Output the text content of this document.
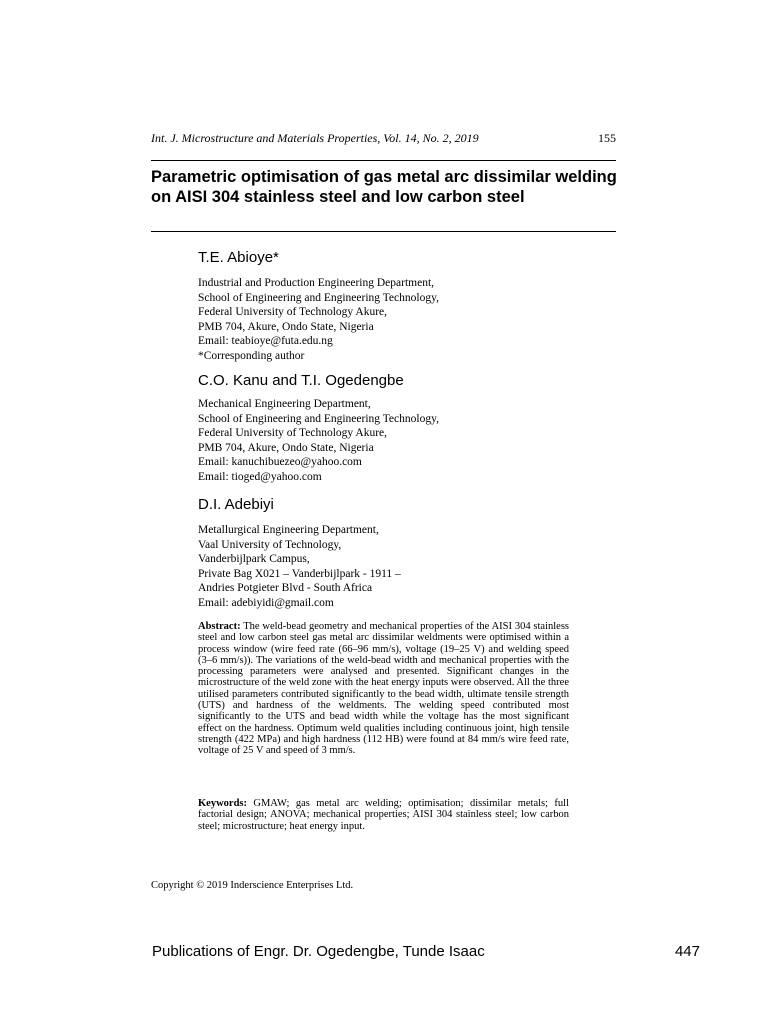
Int. J. Microstructure and Materials Properties, Vol. 14, No. 2, 2019	155
Parametric optimisation of gas metal arc dissimilar welding on AISI 304 stainless steel and low carbon steel
T.E. Abioye*
Industrial and Production Engineering Department,
School of Engineering and Engineering Technology,
Federal University of Technology Akure,
PMB 704, Akure, Ondo State, Nigeria
Email: teabioye@futa.edu.ng
*Corresponding author
C.O. Kanu and T.I. Ogedengbe
Mechanical Engineering Department,
School of Engineering and Engineering Technology,
Federal University of Technology Akure,
PMB 704, Akure, Ondo State, Nigeria
Email: kanuchibuezeo@yahoo.com
Email: tioged@yahoo.com
D.I. Adebiyi
Metallurgical Engineering Department,
Vaal University of Technology,
Vanderbijlpark Campus,
Private Bag X021 – Vanderbijlpark - 1911 –
Andries Potgieter Blvd - South Africa
Email: adebiyidi@gmail.com

Abstract: The weld-bead geometry and mechanical properties of the AISI 304 stainless steel and low carbon steel gas metal arc dissimilar weldments were optimised within a process window (wire feed rate (66–96 mm/s), voltage (19–25 V) and welding speed (3–6 mm/s)). The variations of the weld-bead width and mechanical properties with the processing parameters were analysed and presented. Significant changes in the microstructure of the weld zone with the heat energy inputs were observed. All the three utilised parameters contributed significantly to the bead width, ultimate tensile strength (UTS) and hardness of the weldments. The welding speed contributed most significantly to the UTS and bead width while the voltage has the most significant effect on the hardness. Optimum weld qualities including continuous joint, high tensile strength (422 MPa) and high hardness (112 HB) were found at 84 mm/s wire feed rate, voltage of 25 V and speed of 3 mm/s.

Keywords: GMAW; gas metal arc welding; optimisation; dissimilar metals; full factorial design; ANOVA; mechanical properties; AISI 304 stainless steel; low carbon steel; microstructure; heat energy input.

Copyright © 2019 Inderscience Enterprises Ltd.
Publications of Engr. Dr. Ogedengbe, Tunde Isaac	447
